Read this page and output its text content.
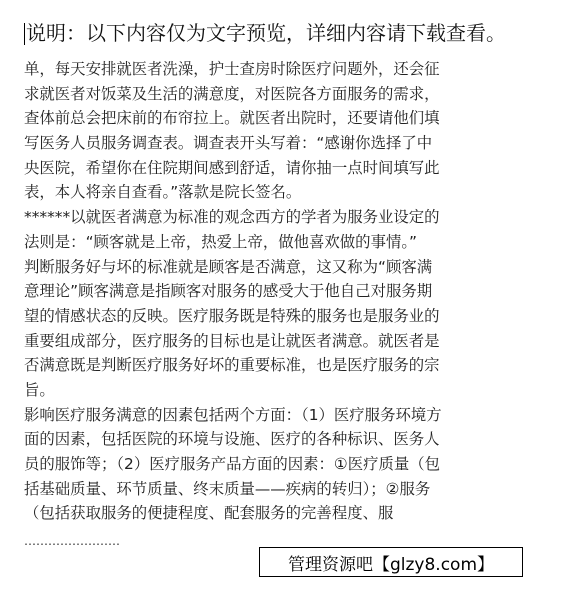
说明：以下内容仅为文字预览，详细内容请下载查看。
单，每天安排就医者洗澡，护士查房时除医疗问题外，还会征
求就医者对饭菜及生活的满意度，对医院各方面服务的需求，
查体前总会把床前的布帘拉上。就医者出院时，还要请他们填
写医务人员服务调查表。调查表开头写着：“感谢你选择了中
央医院，希望你在住院期间感到舒适，请你抽一点时间填写此
表，本人将亲自查看。”落款是院长签名。
******以就医者满意为标准的观念西方的学者为服务业设定的
法则是：“顾客就是上帝，热爱上帝，做他喜欢做的事情。”
判断服务好与坏的标准就是顾客是否满意，这又称为“顾客满
意理论”顾客满意是指顾客对服务的感受大于他自己对服务期
望的情感状态的反映。医疗服务既是特殊的服务也是服务业的
重要组成部分，医疗服务的目标也是让就医者满意。就医者是
否满意既是判断医疗服务好坏的重要标准，也是医疗服务的宗
旨。
影响医疗服务满意的因素包括两个方面：（1）医疗服务环境方
面的因素，包括医院的环境与设施、医疗的各种标识、医务人
员的服饰等；（2）医疗服务产品方面的因素：①医疗质量（包
括基础质量、环节质量、终末质量——疾病的转归）；②服务
（包括获取服务的便捷程度、配套服务的完善程度、服
……………………
管理资源吧【glzy8.com】
